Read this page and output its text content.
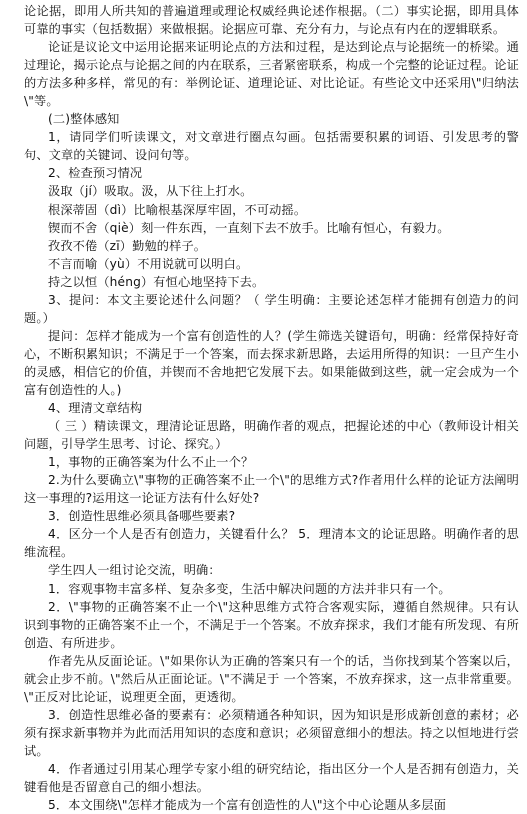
论论据，即用人所共知的普遍道理或理论权威经典论述作根据。（二）事实论据，即用具体可靠的事实（包括数据）来做根据。论据应可靠、充分有力，与论点有内在的逻辑联系。

论证是议论文中运用论据来证明论点的方法和过程，是达到论点与论据统一的桥梁。通过理论，揭示论点与论据之间的内在联系，三者紧密联系，构成一个完整的论证过程。论证的方法多种多样，常见的有：举例论证、道理论证、对比论证。有些论文中还采用\"归纳法\"等。

(二)整体感知

1，请同学们听读课文，对文章进行圈点勾画。包括需要积累的词语、引发思考的警句、文章的关键词、设问句等。

2、检查预习情况

汲取（jí）吸取。汲，从下往上打水。

根深蒂固（dì）比喻根基深厚牢固，不可动摇。

锲而不舍（qiè）刻一件东西，一直刻下去不放手。比喻有恒心，有毅力。

孜孜不倦（zī）勤勉的样子。

不言而喻（yù）不用说就可以明白。

持之以恒（héng）有恒心地坚持下去。

3、提问：本文主要论述什么问题？（ 学生明确：主要论述怎样才能拥有创造力的问题。）

提问：怎样才能成为一个富有创造性的人？(学生筛选关键语句，明确：经常保持好奇心，不断积累知识；不满足于一个答案，而去探求新思路，去运用所得的知识：一旦产生小的灵感，相信它的价值，并锲而不舍地把它发展下去。如果能做到这些，就一定会成为一个富有创造性的人。)

4、理清文章结构

（ 三 ）精读课文，理清论证思路，明确作者的观点，把握论述的中心（教师设计相关问题，引导学生思考、讨论、探究。）

1，事物的正确答案为什么不止一个？

2.为什么要确立\"事物的正确答案不止一个\"的思维方式?作者用什么样的论证方法阐明这一事理的?运用这一论证方法有什么好处?

3．创造性思维必须具备哪些要素?

4．区分一个人是否有创造力，关键看什么？ 5．理清本文的论证思路。明确作者的思维流程。

学生四人一组讨论交流，明确：

1．容观事物丰富多样、复杂多变，生活中解决问题的方法并非只有一个。

2．\"事物的正确答案不止一个\"这种思维方式符合客观实际，遵循自然规律。只有认识到事物的正确答案不止一个，不满足于一个答案。不放弃探求，我们才能有所发现、有所创造、有所进步。

作者先从反面论证。\"如果你认为正确的答案只有一个的话，当你找到某个答案以后，就会止步不前。\"然后从正面论证。\"不满足于 一个答案，不放弃探求，这一点非常重要。\"正反对比论证，说理更全面，更透彻。

3．创造性思维必备的要素有：必须精通各种知识，因为知识是形成新创意的素材；必须有探求新事物并为此而活用知识的态度和意识；必须留意细小的想法。持之以恒地进行尝试。

4．作者通过引用某心理学专家小组的研究结论，指出区分一个人是否拥有创造力，关键看他是否留意自己的细小想法。

5．本文围绕\"怎样才能成为一个富有创造性的人\"这个中心论题从多层面
